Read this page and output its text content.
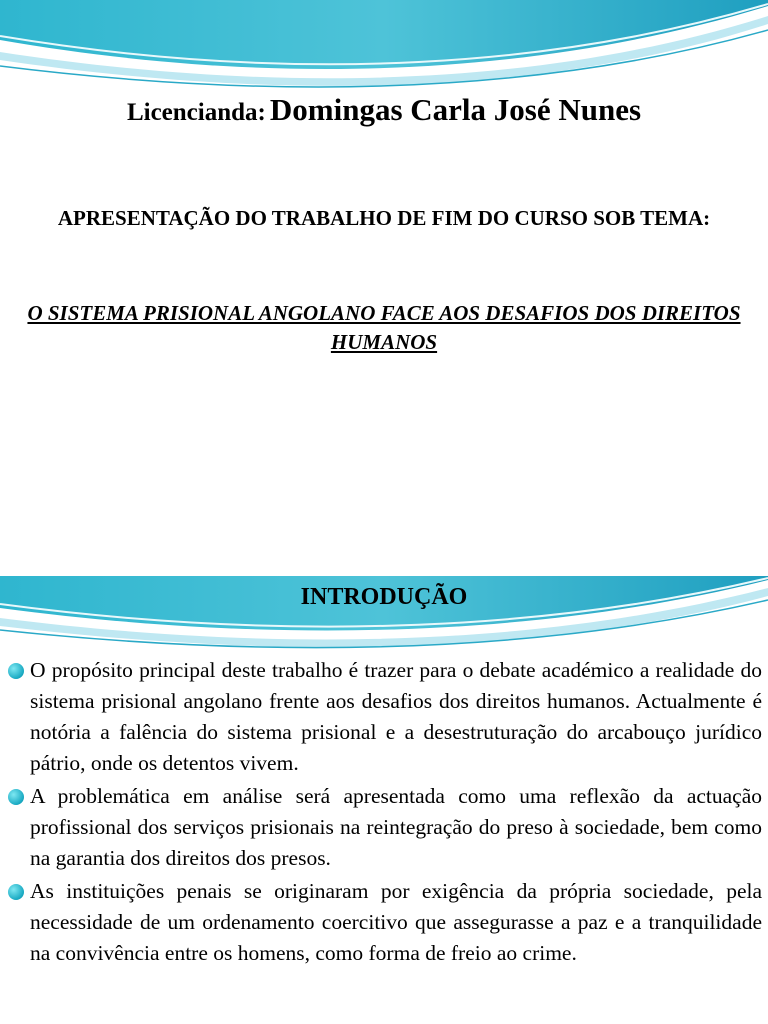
Licencianda: Domingas Carla José Nunes
APRESENTAÇÃO DO TRABALHO DE FIM DO CURSO SOB TEMA:
O SISTEMA PRISIONAL ANGOLANO FACE AOS DESAFIOS DOS DIREITOS HUMANOS
INTRODUÇÃO
O propósito principal deste trabalho é trazer para o debate académico a realidade do sistema prisional angolano frente aos desafios dos direitos humanos. Actualmente é notória a falência do sistema prisional e a desestruturação do arcabouço jurídico pátrio, onde os detentos vivem.
A problemática em análise será apresentada como uma reflexão da actuação profissional dos serviços prisionais na reintegração do preso à sociedade, bem como na garantia dos direitos dos presos.
As instituições penais se originaram por exigência da própria sociedade, pela necessidade de um ordenamento coercitivo que assegurasse a paz e a tranquilidade na convivência entre os homens, como forma de freio ao crime.
